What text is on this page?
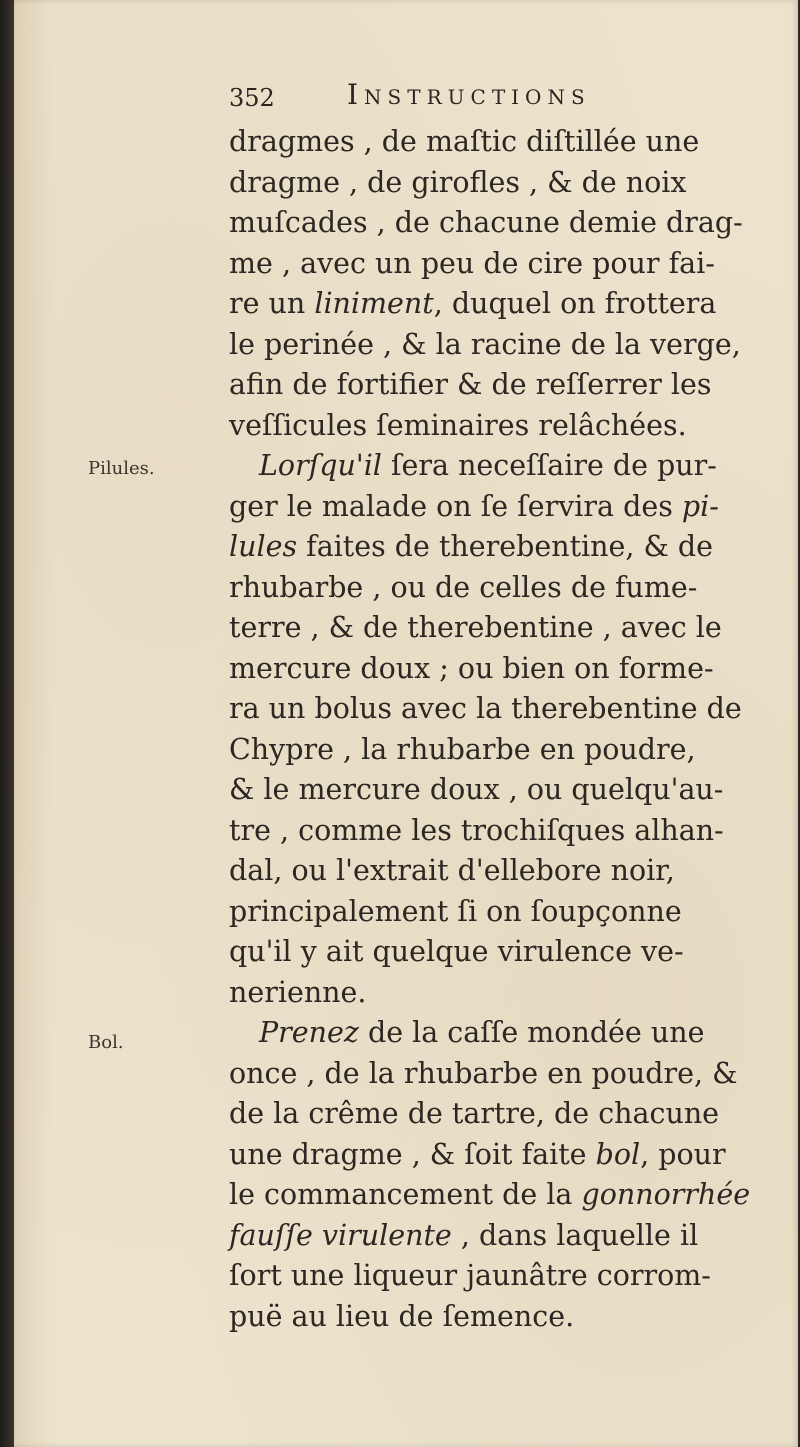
352	Instructions
Pilules.
Bol.
dragmes , de maſtic diſtillée une
dragme , de girofles , & de noix
muſcades , de chacune demie drag-
me , avec un peu de cire pour fai-
re un liniment, duquel on frottera
le perinée , & la racine de la verge,
afin de fortifier & de reſſerrer les
veſſicules ſeminaires relâchées.
Lorſqu'il ſera neceſſaire de pur-
ger le malade on ſe ſervira des pi-
lules faites de therebentine, & de
rhubarbe , ou de celles de fume-
terre , & de therebentine , avec le
mercure doux ; ou bien on forme-
ra un bolus avec la therebentine de
Chypre , la rhubarbe en poudre,
& le mercure doux , ou quelqu'au-
tre , comme les trochiſques alhan-
dal, ou l'extrait d'ellebore noir,
principalement ſi on ſoupçonne
qu'il y ait quelque virulence ve-
nerienne.
Prenez de la caſſe mondée une
once , de la rhubarbe en poudre, &
de la crême de tartre, de chacune
une dragme , & ſoit faite bol, pour
le commancement de la gonnorrhée
fauſſe virulente , dans laquelle il
ſort une liqueur jaunâtre corrom-
puë au lieu de ſemence.
